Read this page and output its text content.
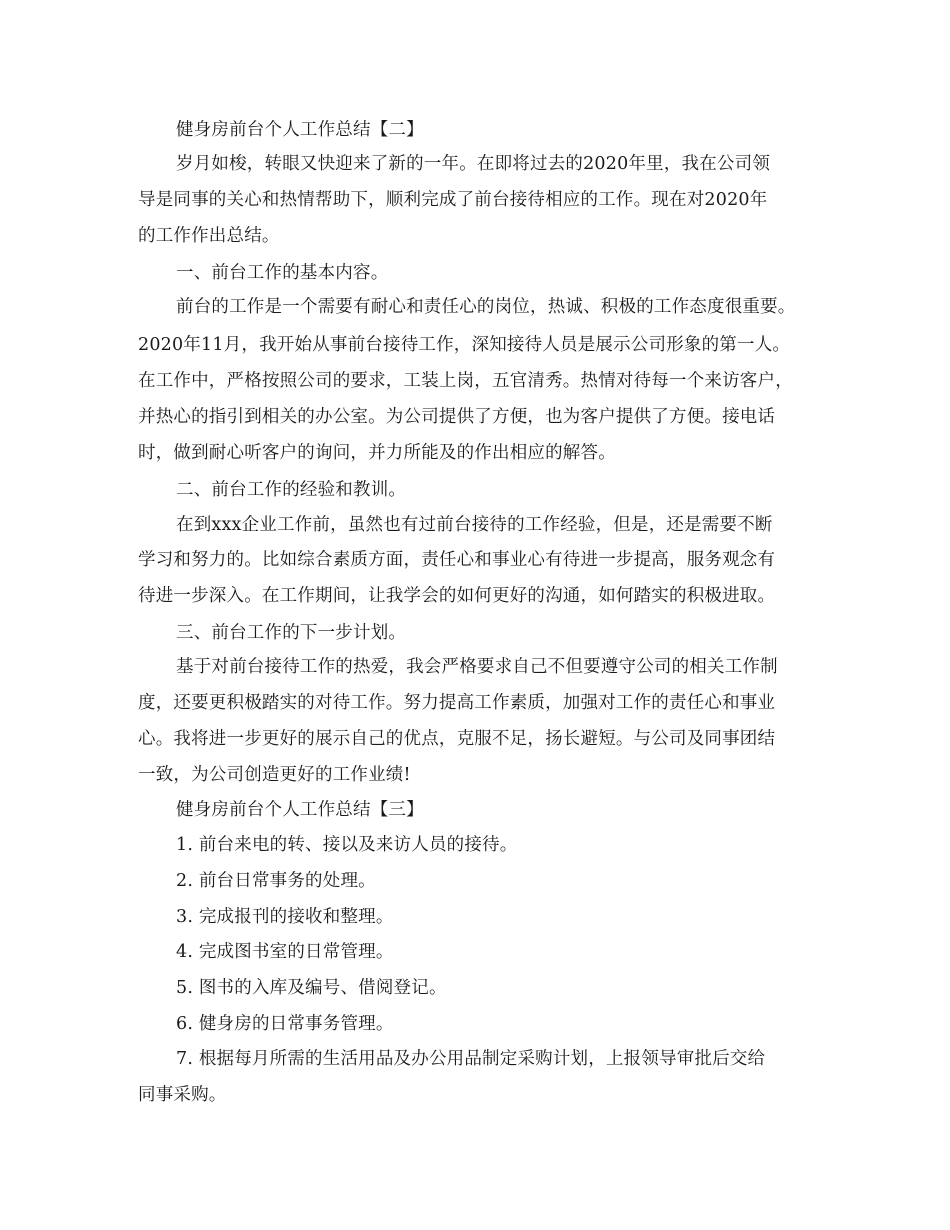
健身房前台个人工作总结【二】
岁月如梭，转眼又快迎来了新的一年。在即将过去的2020年里，我在公司领
导是同事的关心和热情帮助下，顺利完成了前台接待相应的工作。现在对2020年
的工作作出总结。
一、前台工作的基本内容。
前台的工作是一个需要有耐心和责任心的岗位，热诚、积极的工作态度很重要。
2020年11月，我开始从事前台接待工作，深知接待人员是展示公司形象的第一人。
在工作中，严格按照公司的要求，工装上岗，五官清秀。热情对待每一个来访客户，
并热心的指引到相关的办公室。为公司提供了方便，也为客户提供了方便。接电话
时，做到耐心听客户的询问，并力所能及的作出相应的解答。
二、前台工作的经验和教训。
在到xxx企业工作前，虽然也有过前台接待的工作经验，但是，还是需要不断
学习和努力的。比如综合素质方面，责任心和事业心有待进一步提高，服务观念有
待进一步深入。在工作期间，让我学会的如何更好的沟通，如何踏实的积极进取。
三、前台工作的下一步计划。
基于对前台接待工作的热爱，我会严格要求自己不但要遵守公司的相关工作制
度，还要更积极踏实的对待工作。努力提高工作素质，加强对工作的责任心和事业
心。我将进一步更好的展示自己的优点，克服不足，扬长避短。与公司及同事团结
一致，为公司创造更好的工作业绩!
健身房前台个人工作总结【三】
1. 前台来电的转、接以及来访人员的接待。
2. 前台日常事务的处理。
3. 完成报刊的接收和整理。
4. 完成图书室的日常管理。
5. 图书的入库及编号、借阅登记。
6. 健身房的日常事务管理。
7. 根据每月所需的生活用品及办公用品制定采购计划，上报领导审批后交给
同事采购。
